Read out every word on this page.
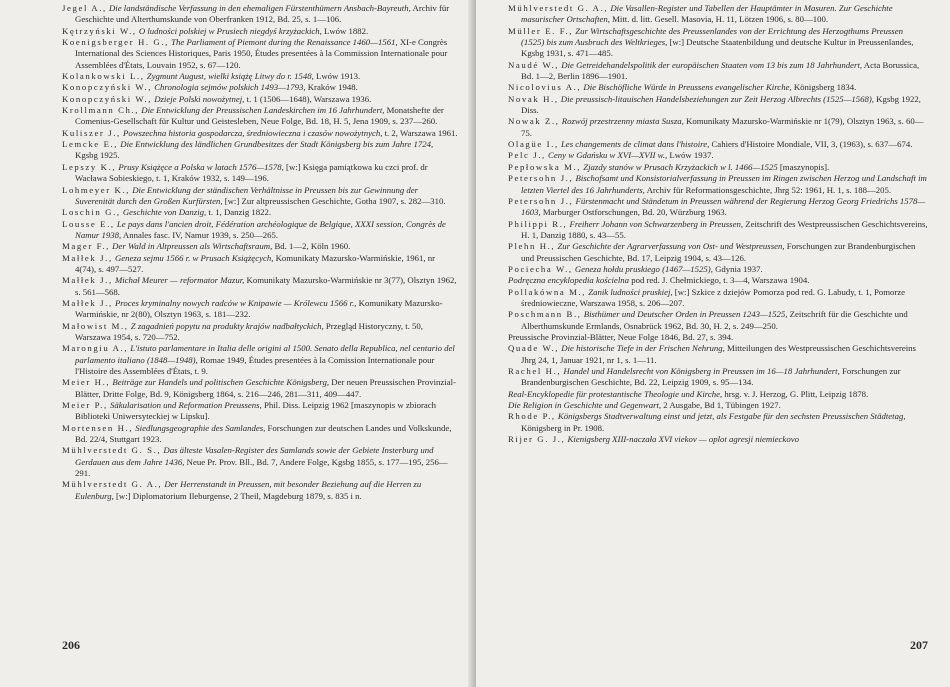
Jegel A., Die landständische Verfassung in den ehemaligen Fürstenthümern Ansbach-Bayreuth, Archiv für Geschichte und Alterthumskunde von Oberfranken 1912, Bd. 25, s. 1—106.

Kętrzyński W., O ludności polskiej w Prusiech niegdyś krzyżackich, Lwów 1882.

Koenigsberger H. G., The Parliament of Piemont during the Renaissance 1460—1561, XI-e Congrès International des Sciences Historiques, Paris 1950, Études presentées à la Commission Internationale pour Assemblées d'États, Louvain 1952, s. 67—120.

Kolankowski L., Zygmunt August, wielki książę Litwy do r. 1548, Lwów 1913.

Konopczyński W., Chronologia sejmów polskich 1493—1793, Kraków 1948.

Konopczyński W., Dzieje Polski nowożytnej, t. 1 (1506—1648), Warszawa 1936.

Krollmann Ch., Die Entwicklung der Preussischen Landeskirchen im 16 Jahrhundert, Monatshefte der Comenius-Gesellschaft für Kultur und Geistesleben, Neue Folge, Bd. 18, H. 5, Jena 1909, s. 237—260.

Kuliszer J., Powszechna historia gospodarcza, średniowieczna i czasów nowożytnych, t. 2, Warszawa 1961.

Lemcke E., Die Entwicklung des ländlichen Grundbesitzes der Stadt Königsberg bis zum Jahre 1724, Kgsbg 1925.

Lepszy K., Prusy Książęce a Polska w latach 1576—1578, [w:] Księga pamiątkowa ku czci prof. dr Wacława Sobieskiego, t. 1, Kraków 1932, s. 149—196.

Lohmeyer K., Die Entwicklung der ständischen Verhältnisse in Preussen bis zur Gewinnung der Suverenität durch den Großen Kurfürsten, [w:] Zur altpreussischen Geschichte, Gotha 1907, s. 282—310.

Loschin G., Geschichte von Danzig, t. 1, Danzig 1822.

Lousse E., Le pays dans l'ancien droit, Fédération archéologique de Belgique, XXXI session, Congrès de Namur 1938, Annales fasc. IV, Namur 1939, s. 250—265.

Mager F., Der Wald in Altpreussen als Wirtschaftsraum, Bd. 1—2, Köln 1960.

Małłek J., Geneza sejmu 1566 r. w Prusach Książęcych, Komunikaty Mazursko-Warmińskie, 1961, nr 4(74), s. 497—527.

Małłek J., Michał Meurer — reformator Mazur, Komunikaty Mazursko-Warmińskie nr 3(77), Olsztyn 1962, s. 561—568.

Małłek J., Proces kryminalny nowych radców w Knipawie — Królewcu 1566 r., Komunikaty Mazursko-Warmińskie, nr 2(80), Olsztyn 1963, s. 181—232.

Małowist M., Z zagadnień popytu na produkty krajów nadbałtyckich, Przegląd Historyczny, t. 50, Warszawa 1954, s. 720—752.

Marongiu A., L'istuto parlamentare in Italia delle origini al 1500. Senato della Republica, nel centario del parlamento italiano (1848—1948), Romae 1949, Études presentées à la Comission Internationale pour l'Histoire des Assemblées d'États, t. 9.

Meier H., Beiträge zur Handels und politischen Geschichte Königsberg, Der neuen Preussischen Provinzial-Blätter, Dritte Folge, Bd. 9, Königsberg 1864, s. 216—246, 281—311, 409—447.

Meier P., Säkularisation und Reformation Preussens, Phil. Diss. Leipzig 1962 [maszynopis w zbiorach Biblioteki Uniwersyteckiej w Lipsku].

Mortensen H., Siedlungsgeographie des Samlandes, Forschungen zur deutschen Landes und Volkskunde, Bd. 22/4, Stuttgart 1923.

Mühlverstedt G. S., Das älteste Vasalen-Register des Samlands sowie der Gebiete Insterburg und Gerdauen aus dem Jahre 1436, Neue Pr. Prov. Bll., Bd. 7, Andere Folge, Kgsbg 1855, s. 177—195, 256—291.

Mühlverstedt G. A., Der Herrenstandt in Preussen, mit besonder Beziehung auf die Herren zu Eulenburg, [w:] Diplomatorium Ileburgense, 2 Theil, Magdeburg 1879, s. 835 i n.

206

Mühlverstedt G. A., Die Vasallen-Register und Tabellen der Hauptämter in Masuren. Zur Geschichte masurischer Ortschaften, Mitt. d. litt. Gesell. Masovia, H. 11, Lötzen 1906, s. 80—100.

Müller E. F., Zur Wirtschaftsgeschichte des Preussenlandes von der Errichtung des Herzogthums Preussen (1525) bis zum Ausbruch des Weltkrieges, [w:] Deutsche Staatenbildung und deutsche Kultur in Preussenlandes, Kgsbg 1931, s. 471—485.

Naudé W., Die Getreidehandelspolitik der europäischen Staaten vom 13 bis zum 18 Jahrhundert, Acta Borussica, Bd. 1—2, Berlin 1896—1901.

Nicolovius A., Die Bischöfliche Würde in Preussens evangelischer Kirche, Königsberg 1834.

Novak H., Die preussisch-litauischen Handelsbeziehungen zur Zeit Herzog Albrechts (1525—1568), Kgsbg 1922, Diss.

Nowak Z., Rozwój przestrzenny miasta Susza, Komunikaty Mazursko-Warmińskie nr 1(79), Olsztyn 1963, s. 60—75.

Olagüe I., Les changements de climat dans l'histoire, Cahiers d'Histoire Mondiale, VII, 3, (1963), s. 637—674.

Pelc J., Ceny w Gdańsku w XVI—XVII w., Lwów 1937.

Pepłowska M., Zjazdy stanów w Prusach Krzyżackich w l. 1466—1525 [maszynopis].

Petersohn J., Bischofsamt und Konsistorialverfassung in Preussen im Ringen zwischen Herzog und Landschaft im letzten Viertel des 16 Jahrhunderts, Archiv für Reformationsgeschichte, Jhrg 52: 1961, H. 1, s. 188—205.

Petersohn J., Fürstenmacht und Ständetum in Preussen während der Regierung Herzog Georg Friedrichs 1578—1603, Marburger Ostforschungen, Bd. 20, Würzburg 1963.

Philippi R., Freiherr Johann von Schwarzenberg in Preussen, Zeitschrift des Westpreussischen Geschichtsvereins, H. 1, Danzig 1880, s. 43—55.

Plehn H., Zur Geschichte der Agrarverfassung von Ost- und Westpreussen, Forschungen zur Brandenburgischen und Preussischen Geschichte, Bd. 17, Leipzig 1904, s. 43—126.

Pociecha W., Geneza hołdu pruskiego (1467—1525), Gdynia 1937.

Podręczna encyklopedia kościelna pod red. J. Chełmickiego, t. 3—4, Warszawa 1904.

Pollakówna M., Zanik ludności pruskiej, [w:] Szkice z dziejów Pomorza pod red. G. Labudy, t. 1, Pomorze średniowieczne, Warszawa 1958, s. 206—207.

Poschmann B., Bisthümer und Deutscher Orden in Preussen 1243—1525, Zeitschrift für die Geschichte und Alberthumskunde Ermlands, Osnabrück 1962, Bd. 30, H. 2, s. 249—250.

Preussische Provinzial-Blätter, Neue Folge 1846, Bd. 27, s. 394.

Quade W., Die historische Tiefe in der Frischen Nehrung, Mitteilungen des Westpreussischen Geschichtsvereins Jhrg 24, 1, Januar 1921, nr 1, s. 1—11.

Rachel H., Handel und Handelsrecht von Königsberg in Preussen im 16—18 Jahrhundert, Forschungen zur Brandenburgischen Geschichte, Bd. 22, Leipzig 1909, s. 95—134.

Real-Encyklopedie für protestantische Theologie und Kirche, hrsg. v. J. Herzog, G. Plitt, Leipzig 1878.

Die Religion in Geschichte und Gegenwart, 2 Ausgabe, Bd 1, Tübingen 1927.

Rhode P., Königsbergs Stadtverwaltung einst und jetzt, als Festgabe für den sechsten Preussischen Städtetag, Königsberg in Pr. 1908.

Rijer G. J., Kienigsberg XIII-naczała XVI viekov — oplot agresji niemieckovo

207
